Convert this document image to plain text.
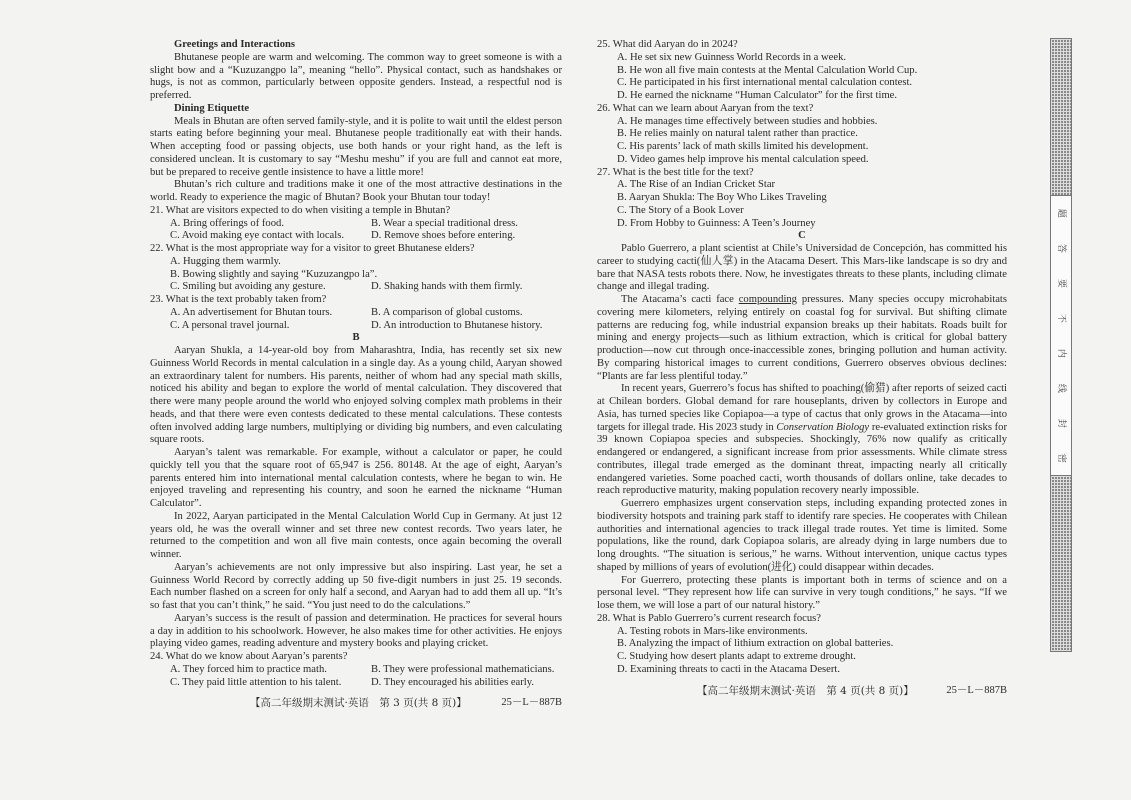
Greetings and Interactions

Bhutanese people are warm and welcoming. The common way to greet someone is with a slight bow and a “Kuzuzangpo la”, meaning “hello”. Physical contact, such as handshakes or hugs, is not as common, particularly between opposite genders. Instead, a respectful nod is preferred.

Dining Etiquette

Meals in Bhutan are often served family-style, and it is polite to wait until the eldest person starts eating before beginning your meal. Bhutanese people traditionally eat with their hands. When accepting food or passing objects, use both hands or your right hand, as the left is considered unclean. It is customary to say “Meshu meshu” if you are full and cannot eat more, but be prepared to receive gentle insistence to have a little more!

Bhutan’s rich culture and traditions make it one of the most attractive destinations in the world. Ready to experience the magic of Bhutan? Book your Bhutan tour today!

21. What are visitors expected to do when visiting a temple in Bhutan?
A. Bring offerings of food.	B. Wear a special traditional dress.
C. Avoid making eye contact with locals.	D. Remove shoes before entering.
22. What is the most appropriate way for a visitor to greet Bhutanese elders?
A. Hugging them warmly.
B. Bowing slightly and saying “Kuzuzangpo la”.
C. Smiling but avoiding any gesture.	D. Shaking hands with them firmly.
23. What is the text probably taken from?
A. An advertisement for Bhutan tours.	B. A comparison of global customs.
C. A personal travel journal.	D. An introduction to Bhutanese history.
B

Aaryan Shukla, a 14-year-old boy from Maharashtra, India, has recently set six new Guinness World Records in mental calculation in a single day. As a young child, Aaryan showed an extraordinary talent for numbers. His parents, neither of whom had any special math skills, noticed his ability and began to explore the world of mental calculation. They discovered that there were many people around the world who enjoyed solving complex math problems in their heads, and that there were even contests dedicated to these mental calculations. These contests often involved adding large numbers, multiplying or dividing big numbers, and even calculating square roots.

Aaryan’s talent was remarkable. For example, without a calculator or paper, he could quickly tell you that the square root of 65,947 is 256. 80148. At the age of eight, Aaryan’s parents entered him into international mental calculation contests, where he began to win. He enjoyed traveling and representing his country, and soon he earned the nickname “Human Calculator”.

In 2022, Aaryan participated in the Mental Calculation World Cup in Germany. At just 12 years old, he was the overall winner and set three new contest records. Two years later, he returned to the competition and won all five main contests, once again becoming the overall winner.

Aaryan’s achievements are not only impressive but also inspiring. Last year, he set a Guinness World Record by correctly adding up 50 five-digit numbers in just 25. 19 seconds. Each number flashed on a screen for only half a second, and Aaryan had to add them all up. “It’s so fast that you can’t think,” he said. “You just need to do the calculations.”

Aaryan’s success is the result of passion and determination. He practices for several hours a day in addition to his schoolwork. However, he also makes time for other activities. He enjoys playing video games, reading adventure and mystery books and playing cricket.

24. What do we know about Aaryan’s parents?
A. They forced him to practice math.	B. They were professional mathematicians.
C. They paid little attention to his talent.	D. They encouraged his abilities early.
【高二年级期末测试·英语　第 3 页(共 8 页)】	25－L－887B
25. What did Aaryan do in 2024?
A. He set six new Guinness World Records in a week.
B. He won all five main contests at the Mental Calculation World Cup.
C. He participated in his first international mental calculation contest.
D. He earned the nickname “Human Calculator” for the first time.
26. What can we learn about Aaryan from the text?
A. He manages time effectively between studies and hobbies.
B. He relies mainly on natural talent rather than practice.
C. His parents’ lack of math skills limited his development.
D. Video games help improve his mental calculation speed.
27. What is the best title for the text?
A. The Rise of an Indian Cricket Star
B. Aaryan Shukla: The Boy Who Likes Traveling
C. The Story of a Book Lover
D. From Hobby to Guinness: A Teen’s Journey
C

Pablo Guerrero, a plant scientist at Chile’s Universidad de Concepción, has committed his career to studying cacti(仙人掌) in the Atacama Desert. This Mars-like landscape is so dry and bare that NASA tests robots there. Now, he investigates threats to these plants, including climate change and illegal trading.

The Atacama’s cacti face compounding pressures. Many species occupy microhabitats covering mere kilometers, relying entirely on coastal fog for survival. But shifting climate patterns are reducing fog, while industrial expansion breaks up their habitats. Roads built for mining and energy projects—such as lithium extraction, which is critical for global battery production—now cut through once-inaccessible zones, bringing pollution and human activity. By comparing historical images to current conditions, Guerrero observes obvious declines: “Plants are far less plentiful today.”

In recent years, Guerrero’s focus has shifted to poaching(偷猎) after reports of seized cacti at Chilean borders. Global demand for rare houseplants, driven by collectors in Europe and Asia, has turned species like Copiapoa—a type of cactus that only grows in the Atacama—into targets for illegal trade. His 2023 study in Conservation Biology re-evaluated extinction risks for 39 known Copiapoa species and subspecies. Shockingly, 76% now qualify as critically endangered or endangered, a significant increase from prior assessments. While climate stress contributes, illegal trade emerged as the dominant threat, impacting nearly all critically endangered varieties. Some poached cacti, worth thousands of dollars online, take decades to reach reproductive maturity, making population recovery nearly impossible.

Guerrero emphasizes urgent conservation steps, including expanding protected zones in biodiversity hotspots and training park staff to identify rare species. He cooperates with Chilean authorities and international agencies to track illegal trade routes. Yet time is limited. Some populations, like the round, dark Copiapoa solaris, are already dying in large numbers due to long droughts. “The situation is serious,” he warns. Without intervention, unique cactus types shaped by millions of years of evolution(进化) could disappear within decades.

For Guerrero, protecting these plants is important both in terms of science and on a personal level. “They represent how life can survive in very tough conditions,” he says. “If we lose them, we will lose a part of our natural history.”

28. What is Pablo Guerrero’s current research focus?
A. Testing robots in Mars-like environments.
B. Analyzing the impact of lithium extraction on global batteries.
C. Studying how desert plants adapt to extreme drought.
D. Examining threats to cacti in the Atacama Desert.
【高二年级期末测试·英语　第 4 页(共 8 页)】	25－L－887B
题
答
要
不
内
线
封
密
